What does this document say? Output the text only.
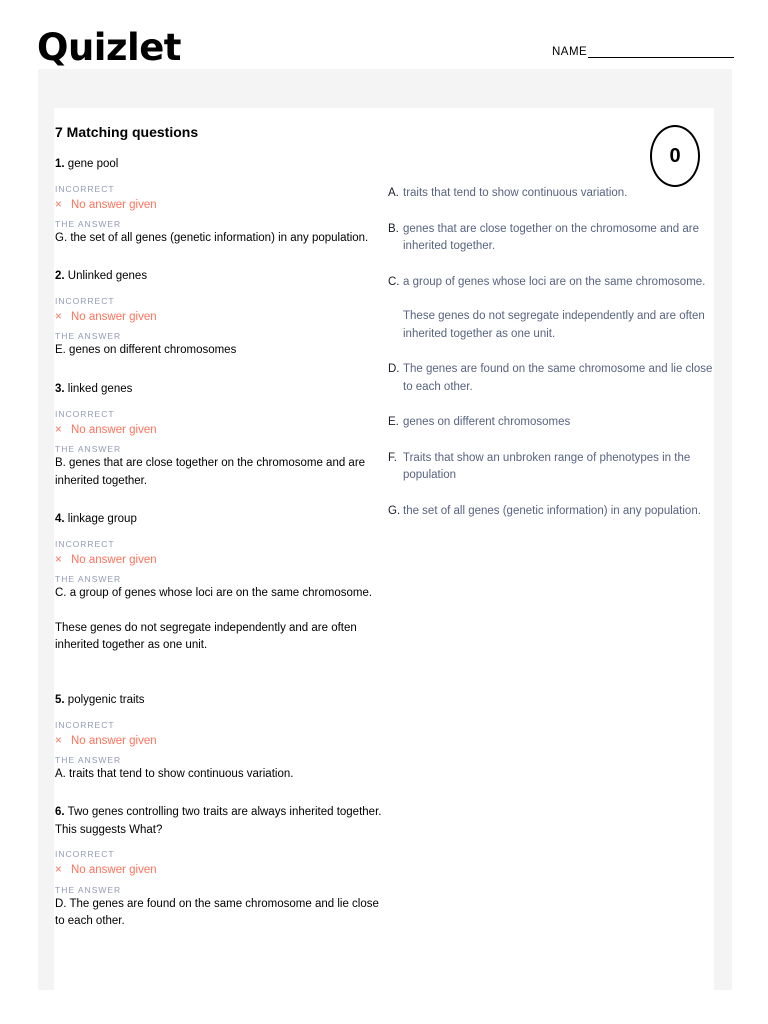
Quizlet	NAME
7 Matching questions
0
1. gene pool
INCORRECT
× No answer given
THE ANSWER

G. the set of all genes (genetic information) in any population.

2. Unlinked genes
INCORRECT
× No answer given
THE ANSWER

E. genes on different chromosomes

3. linked genes
INCORRECT
× No answer given
THE ANSWER

B. genes that are close together on the chromosome and are inherited together.

4. linkage group
INCORRECT
× No answer given
THE ANSWER

C. a group of genes whose loci are on the same chromosome.

These genes do not segregate independently and are often inherited together as one unit.

5. polygenic traits
INCORRECT
× No answer given
THE ANSWER

A. traits that tend to show continuous variation.

6. Two genes controlling two traits are always inherited together. This suggests What?
INCORRECT
× No answer given
THE ANSWER

D. The genes are found on the same chromosome and lie close to each other.

A. traits that tend to show continuous variation.

B. genes that are close together on the chromosome and are inherited together.

C. a group of genes whose loci are on the same chromosome.

These genes do not segregate independently and are often inherited together as one unit.

D. The genes are found on the same chromosome and lie close to each other.

E. genes on different chromosomes

F. Traits that show an unbroken range of phenotypes in the population

G. the set of all genes (genetic information) in any population.
